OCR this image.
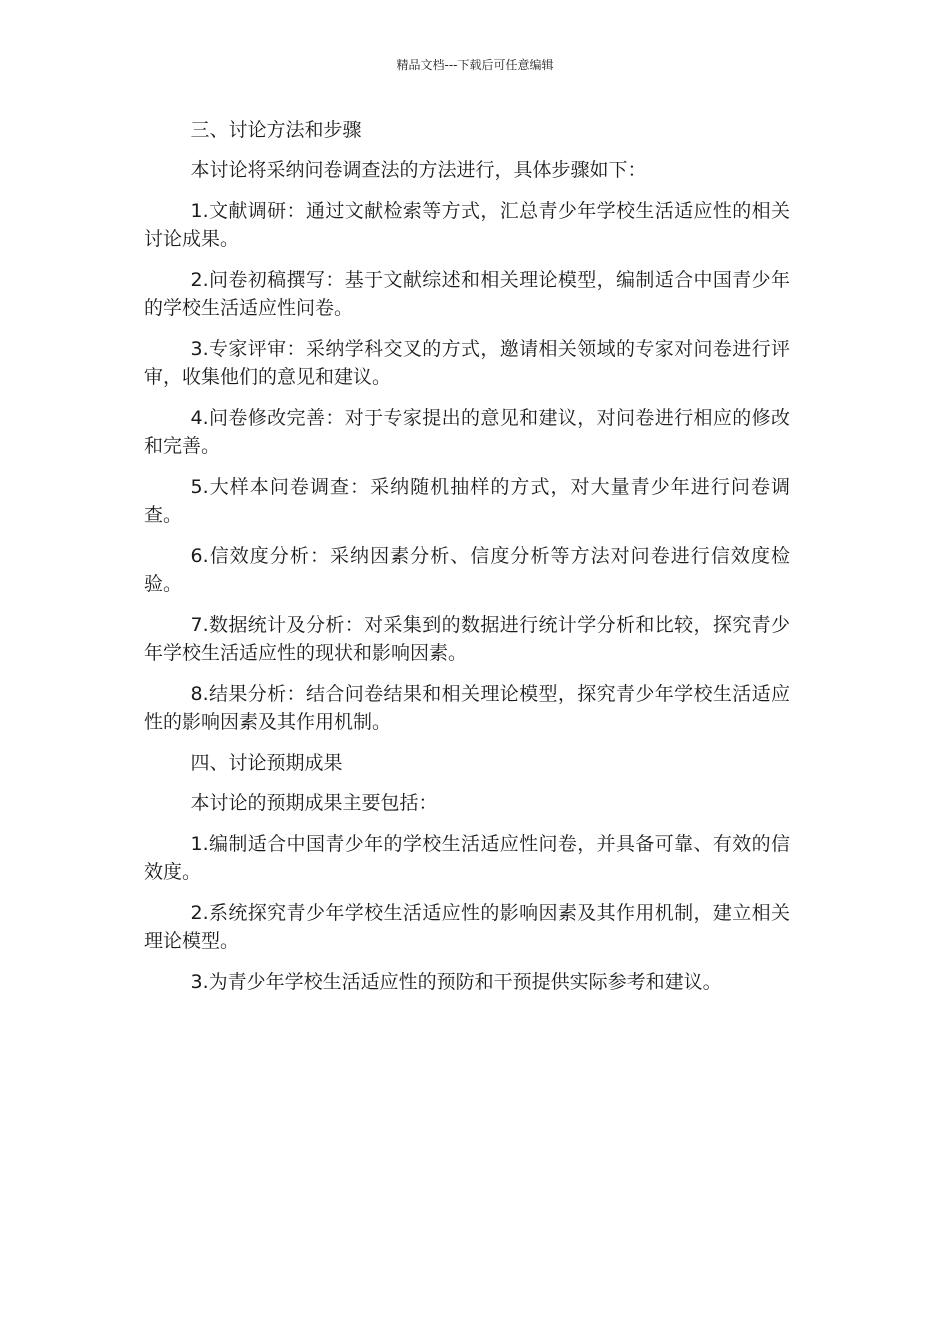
精品文档---下载后可任意编辑

三、讨论方法和步骤

本讨论将采纳问卷调查法的方法进行，具体步骤如下：

1.文献调研：通过文献检索等方式，汇总青少年学校生活适应性的相关讨论成果。

2.问卷初稿撰写：基于文献综述和相关理论模型，编制适合中国青少年的学校生活适应性问卷。

3.专家评审：采纳学科交叉的方式，邀请相关领域的专家对问卷进行评审，收集他们的意见和建议。

4.问卷修改完善：对于专家提出的意见和建议，对问卷进行相应的修改和完善。

5.大样本问卷调查：采纳随机抽样的方式，对大量青少年进行问卷调查。

6.信效度分析：采纳因素分析、信度分析等方法对问卷进行信效度检验。

7.数据统计及分析：对采集到的数据进行统计学分析和比较，探究青少年学校生活适应性的现状和影响因素。

8.结果分析：结合问卷结果和相关理论模型，探究青少年学校生活适应性的影响因素及其作用机制。

四、讨论预期成果

本讨论的预期成果主要包括：

1.编制适合中国青少年的学校生活适应性问卷，并具备可靠、有效的信效度。

2.系统探究青少年学校生活适应性的影响因素及其作用机制，建立相关理论模型。

3.为青少年学校生活适应性的预防和干预提供实际参考和建议。
